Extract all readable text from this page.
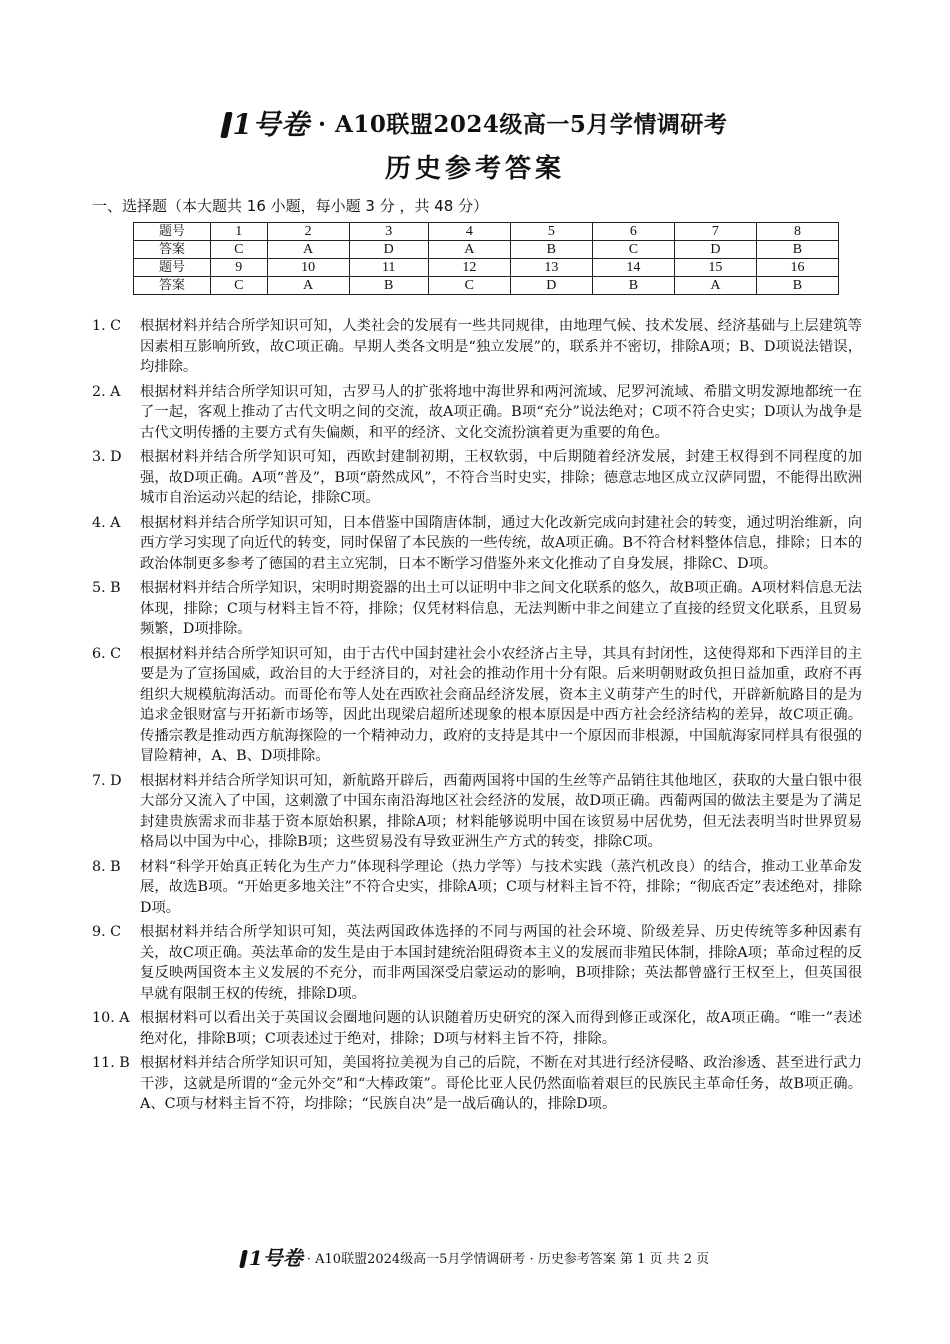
1号卷 · A10联盟2024级高一5月学情调研考
历史参考答案
一、选择题（本大题共 16 小题，每小题 3 分 ，共 48 分）
题号	1	2	3	4	5	6	7	8
答案	C	A	D	A	B	C	D	B
题号	9	10	11	12	13	14	15	16
答案	C	A	B	C	D	B	A	B
1. C	根据材料并结合所学知识可知，人类社会的发展有一些共同规律，由地理气候、技术发展、经济基础与上层建筑等因素相互影响所致，故C项正确。早期人类各文明是“独立发展”的，联系并不密切，排除A项；B、D项说法错误，均排除。
2. A	根据材料并结合所学知识可知，古罗马人的扩张将地中海世界和两河流域、尼罗河流域、希腊文明发源地都统一在了一起，客观上推动了古代文明之间的交流，故A项正确。B项“充分”说法绝对；C项不符合史实；D项认为战争是古代文明传播的主要方式有失偏颇，和平的经济、文化交流扮演着更为重要的角色。
3. D	根据材料并结合所学知识可知，西欧封建制初期，王权软弱，中后期随着经济发展，封建王权得到不同程度的加强，故D项正确。A项“普及”，B项“蔚然成风”，不符合当时史实，排除；德意志地区成立汉萨同盟，不能得出欧洲城市自治运动兴起的结论，排除C项。
4. A	根据材料并结合所学知识可知，日本借鉴中国隋唐体制，通过大化改新完成向封建社会的转变，通过明治维新，向西方学习实现了向近代的转变，同时保留了本民族的一些传统，故A项正确。B不符合材料整体信息，排除；日本的政治体制更多参考了德国的君主立宪制，日本不断学习借鉴外来文化推动了自身发展，排除C、D项。
5. B	根据材料并结合所学知识，宋明时期瓷器的出土可以证明中非之间文化联系的悠久，故B项正确。A项材料信息无法体现，排除；C项与材料主旨不符，排除；仅凭材料信息，无法判断中非之间建立了直接的经贸文化联系，且贸易频繁，D项排除。
6. C	根据材料并结合所学知识可知，由于古代中国封建社会小农经济占主导，其具有封闭性，这使得郑和下西洋目的主要是为了宣扬国威，政治目的大于经济目的，对社会的推动作用十分有限。后来明朝财政负担日益加重，政府不再组织大规模航海活动。而哥伦布等人处在西欧社会商品经济发展，资本主义萌芽产生的时代，开辟新航路目的是为追求金银财富与开拓新市场等，因此出现梁启超所述现象的根本原因是中西方社会经济结构的差异，故C项正确。传播宗教是推动西方航海探险的一个精神动力，政府的支持是其中一个原因而非根源，中国航海家同样具有很强的冒险精神，A、B、D项排除。
7. D	根据材料并结合所学知识可知，新航路开辟后，西葡两国将中国的生丝等产品销往其他地区，获取的大量白银中很大部分又流入了中国，这刺激了中国东南沿海地区社会经济的发展，故D项正确。西葡两国的做法主要是为了满足封建贵族需求而非基于资本原始积累，排除A项；材料能够说明中国在该贸易中居优势，但无法表明当时世界贸易格局以中国为中心，排除B项；这些贸易没有导致亚洲生产方式的转变，排除C项。
8. B	材料“科学开始真正转化为生产力”体现科学理论（热力学等）与技术实践（蒸汽机改良）的结合，推动工业革命发展，故选B项。“开始更多地关注”不符合史实，排除A项；C项与材料主旨不符，排除；“彻底否定”表述绝对，排除D项。
9. C	根据材料并结合所学知识可知，英法两国政体选择的不同与两国的社会环境、阶级差异、历史传统等多种因素有关，故C项正确。英法革命的发生是由于本国封建统治阻碍资本主义的发展而非殖民体制，排除A项；革命过程的反复反映两国资本主义发展的不充分，而非两国深受启蒙运动的影响，B项排除；英法都曾盛行王权至上，但英国很早就有限制王权的传统，排除D项。
10. A 根据材料可以看出关于英国议会圈地问题的认识随着历史研究的深入而得到修正或深化，故A项正确。“唯一”表述绝对化，排除B项；C项表述过于绝对，排除；D项与材料主旨不符，排除。
11. B 根据材料并结合所学知识可知，美国将拉美视为自己的后院，不断在对其进行经济侵略、政治渗透、甚至进行武力干涉，这就是所谓的“金元外交”和“大棒政策”。哥伦比亚人民仍然面临着艰巨的民族民主革命任务，故B项正确。A、C项与材料主旨不符，均排除；“民族自决”是一战后确认的，排除D项。
1号卷 · A10联盟2024级高一5月学情调研考 · 历史参考答案 第 1 页 共 2 页
